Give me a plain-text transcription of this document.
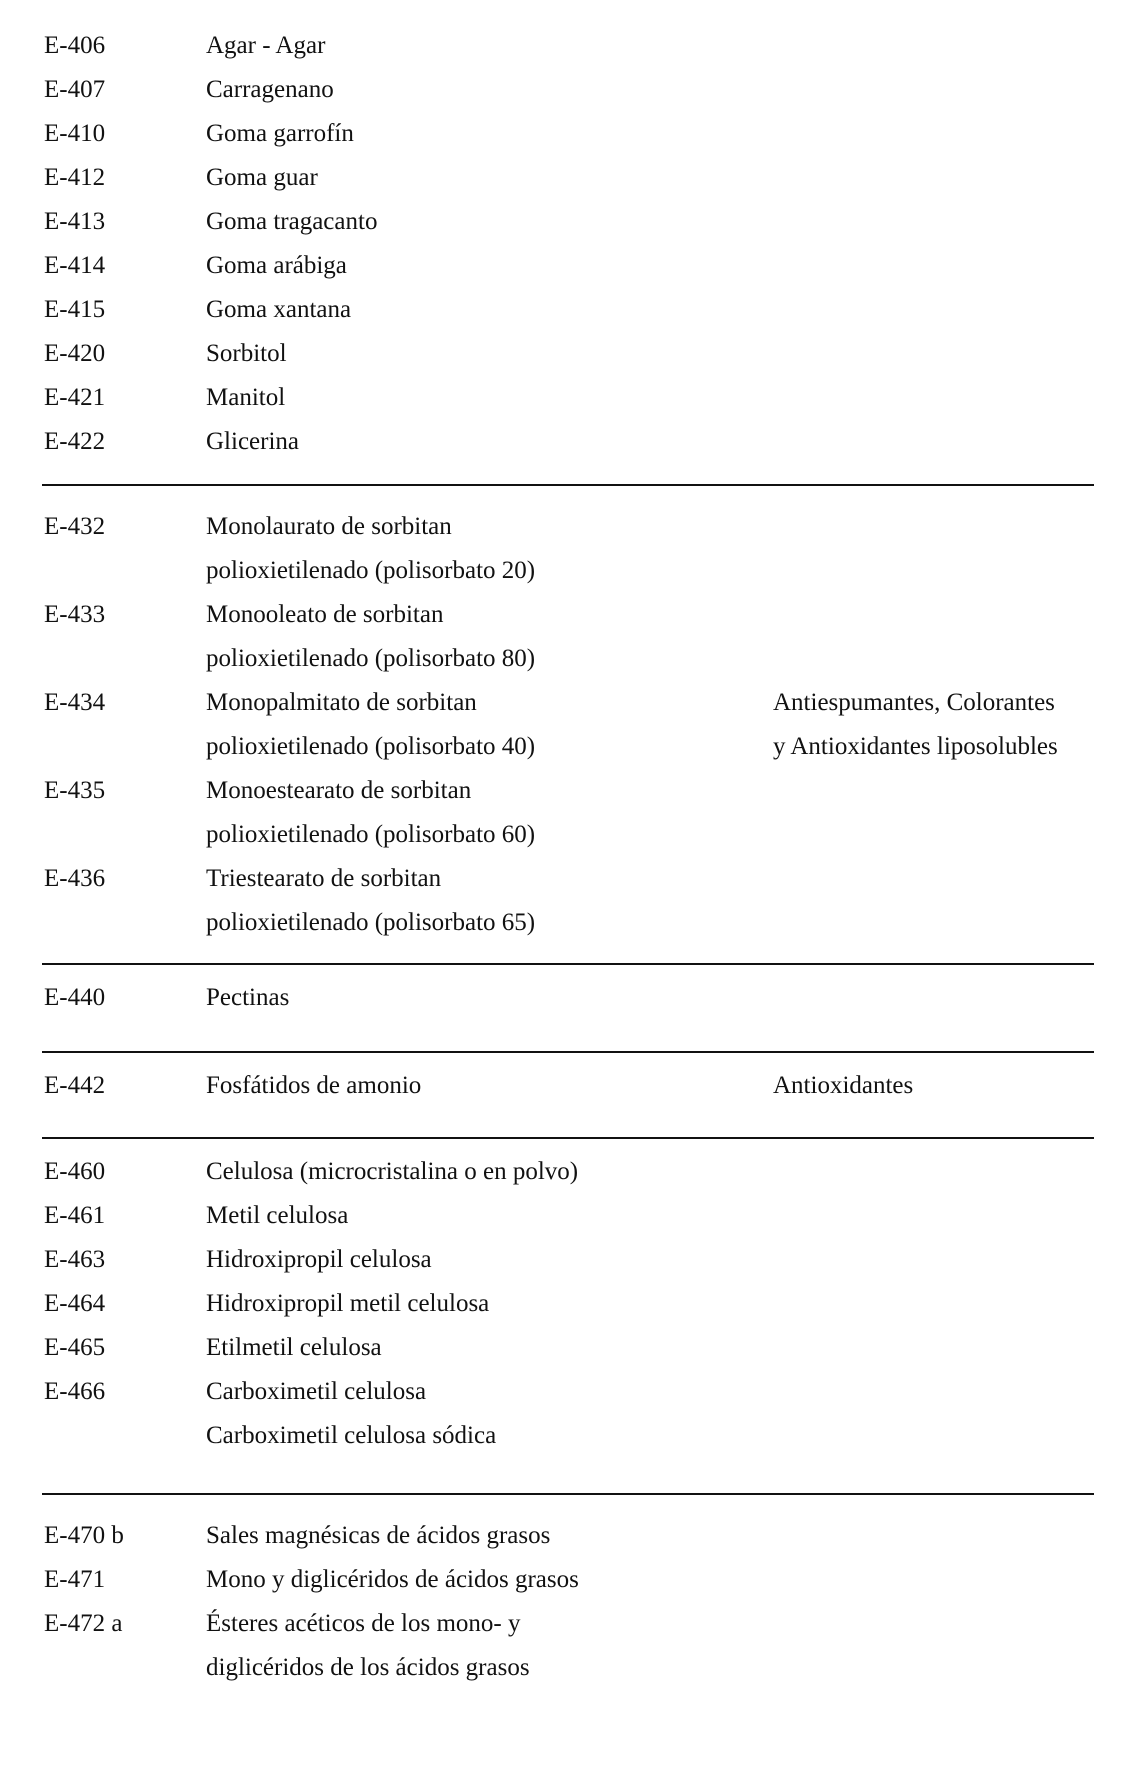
E-406	Agar - Agar
E-407	Carragenano
E-410	Goma garrofín
E-412	Goma guar
E-413	Goma tragacanto
E-414	Goma arábiga
E-415	Goma xantana
E-420	Sorbitol
E-421	Manitol
E-422	Glicerina
E-432	Monolaurato de sorbitan
polioxietilenado (polisorbato 20)
E-433	Monooleato de sorbitan
polioxietilenado (polisorbato 80)
E-434	Monopalmitato de sorbitan	Antiespumantes, Colorantes
polioxietilenado (polisorbato 40)	y Antioxidantes liposolubles
E-435	Monoestearato de sorbitan
polioxietilenado (polisorbato 60)
E-436	Triestearato de sorbitan
polioxietilenado (polisorbato 65)
E-440	Pectinas
E-442	Fosfátidos de amonio	Antioxidantes
E-460	Celulosa (microcristalina o en polvo)
E-461	Metil celulosa
E-463	Hidroxipropil celulosa
E-464	Hidroxipropil metil celulosa
E-465	Etilmetil celulosa
E-466	Carboximetil celulosa
Carboximetil celulosa sódica
E-470 b	Sales magnésicas de ácidos grasos
E-471	Mono y diglicéridos de ácidos grasos
E-472 a	Ésteres acéticos de los mono- y
diglicéridos de los ácidos grasos
